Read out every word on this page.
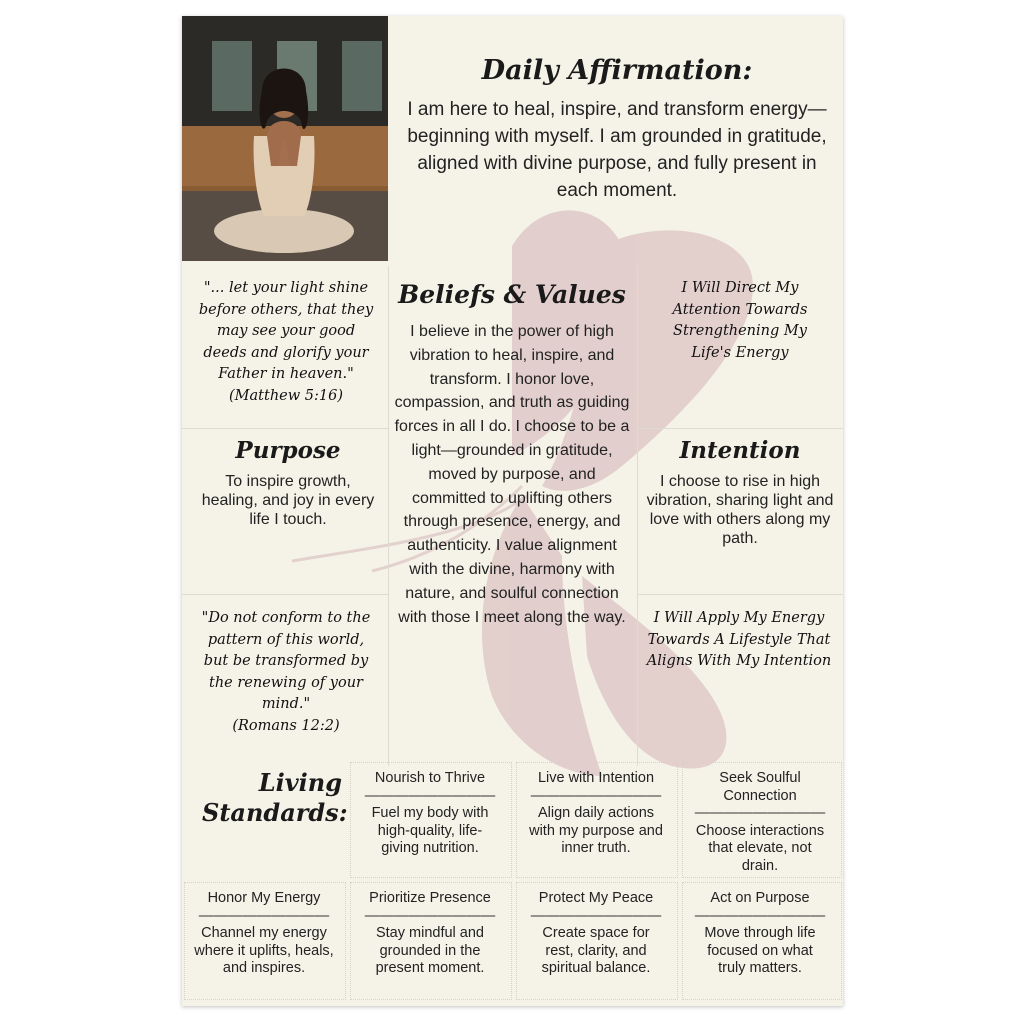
Daily Affirmation:
I am here to heal, inspire, and transform energy—beginning with myself. I am grounded in gratitude, aligned with divine purpose, and fully present in each moment.
"... let your light shine before others, that they may see your good deeds and glorify your Father in heaven."
(Matthew 5:16)
Beliefs & Values
I believe in the power of high vibration to heal, inspire, and transform. I honor love, compassion, and truth as guiding forces in all I do. I choose to be a light—grounded in gratitude, moved by purpose, and committed to uplifting others through presence, energy, and authenticity. I value alignment with the divine, harmony with nature, and soulful connection with those I meet along the way.
I Will Direct My Attention Towards Strengthening My Life's Energy
Purpose
To inspire growth, healing, and joy in every life I touch.
Intention
I choose to rise in high vibration, sharing light and love with others along my path.
"Do not conform to the pattern of this world, but be transformed by the renewing of your mind."
(Romans 12:2)
I Will Apply My Energy Towards A Lifestyle That Aligns With My Intention
Living Standards:
Nourish to Thrive
—————————
Fuel my body with high-quality, life-giving nutrition.
Live with Intention
—————————
Align daily actions with my purpose and inner truth.
Seek Soulful Connection
—————————
Choose interactions that elevate, not drain.
Honor My Energy
—————————
Channel my energy where it uplifts, heals, and inspires.
Prioritize Presence
—————————
Stay mindful and grounded in the present moment.
Protect My Peace
—————————
Create space for rest, clarity, and spiritual balance.
Act on Purpose
—————————
Move through life focused on what truly matters.
